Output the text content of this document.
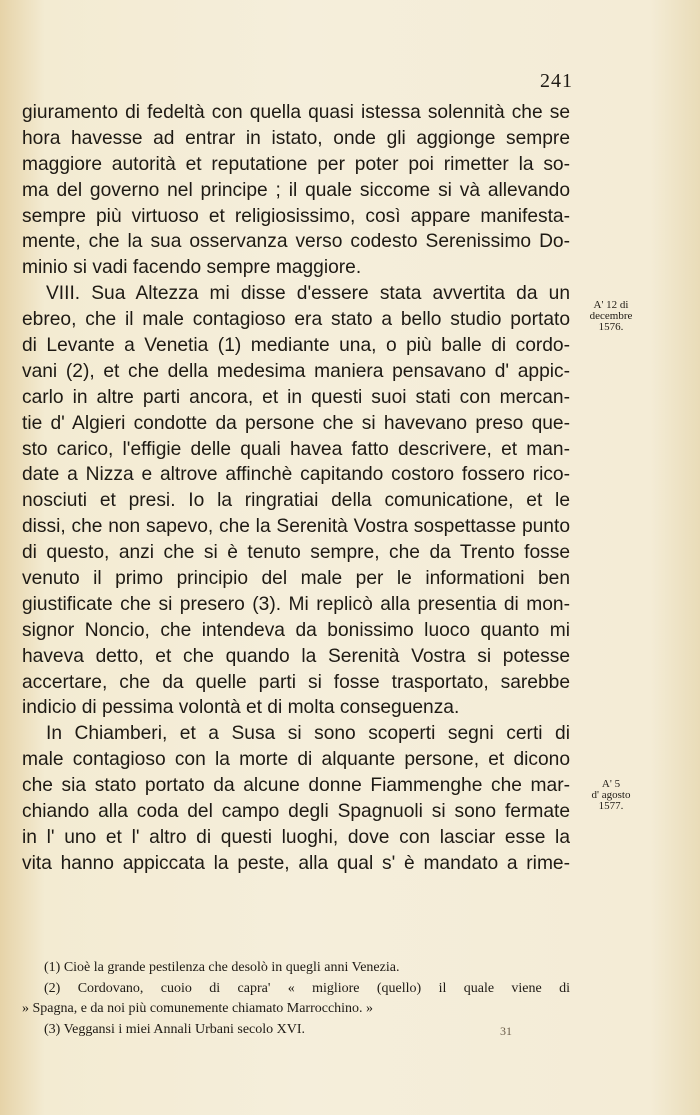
241
giuramento di fedeltà con quella quasi istessa solennità che se
hora havesse ad entrar in istato, onde gli aggionge sempre
maggiore autorità et reputatione per poter poi rimetter la so-
ma del governo nel principe ; il quale siccome si và allevando
sempre più virtuoso et religiosissimo, così appare manifesta-
mente, che la sua osservanza verso codesto Serenissimo Do-
minio si vadi facendo sempre maggiore.
VIII. Sua Altezza mi disse d'essere stata avvertita da un
ebreo, che il male contagioso era stato a bello studio portato
di Levante a Venetia (1) mediante una, o più balle di cordo-
vani (2), et che della medesima maniera pensavano d' appic-
carlo in altre parti ancora, et in questi suoi stati con mercan-
tie d' Algieri condotte da persone che si havevano preso que-
sto carico, l'effigie delle quali havea fatto descrivere, et man-
date a Nizza e altrove affinchè capitando costoro fossero rico-
nosciuti et presi. Io la ringratiai della comunicatione, et le
dissi, che non sapevo, che la Serenità Vostra sospettasse punto
di questo, anzi che si è tenuto sempre, che da Trento fosse
venuto il primo principio del male per le informationi ben
giustificate che si presero (3). Mi replicò alla presentia di mon-
signor Noncio, che intendeva da bonissimo luoco quanto mi
haveva detto, et che quando la Serenità Vostra si potesse
accertare, che da quelle parti si fosse trasportato, sarebbe
indicio di pessima volontà et di molta conseguenza.
In Chiamberi, et a Susa si sono scoperti segni certi di
male contagioso con la morte di alquante persone, et dicono
che sia stato portato da alcune donne Fiammenghe che mar-
chiando alla coda del campo degli Spagnuoli si sono fermate
in l' uno et l' altro di questi luoghi, dove con lasciar esse la
vita hanno appiccata la peste, alla qual s' è mandato a rime-
A' 12 di
decembre
1576.
A' 5
d' agosto
1577.
(1) Cioè la grande pestilenza che desolò in quegli anni Venezia.
(2) Cordovano, cuoio di capra' « migliore (quello) il quale viene di
» Spagna, e da noi più comunemente chiamato Marrocchino. »
(3) Veggansi i miei Annali Urbani secolo XVI.	31
